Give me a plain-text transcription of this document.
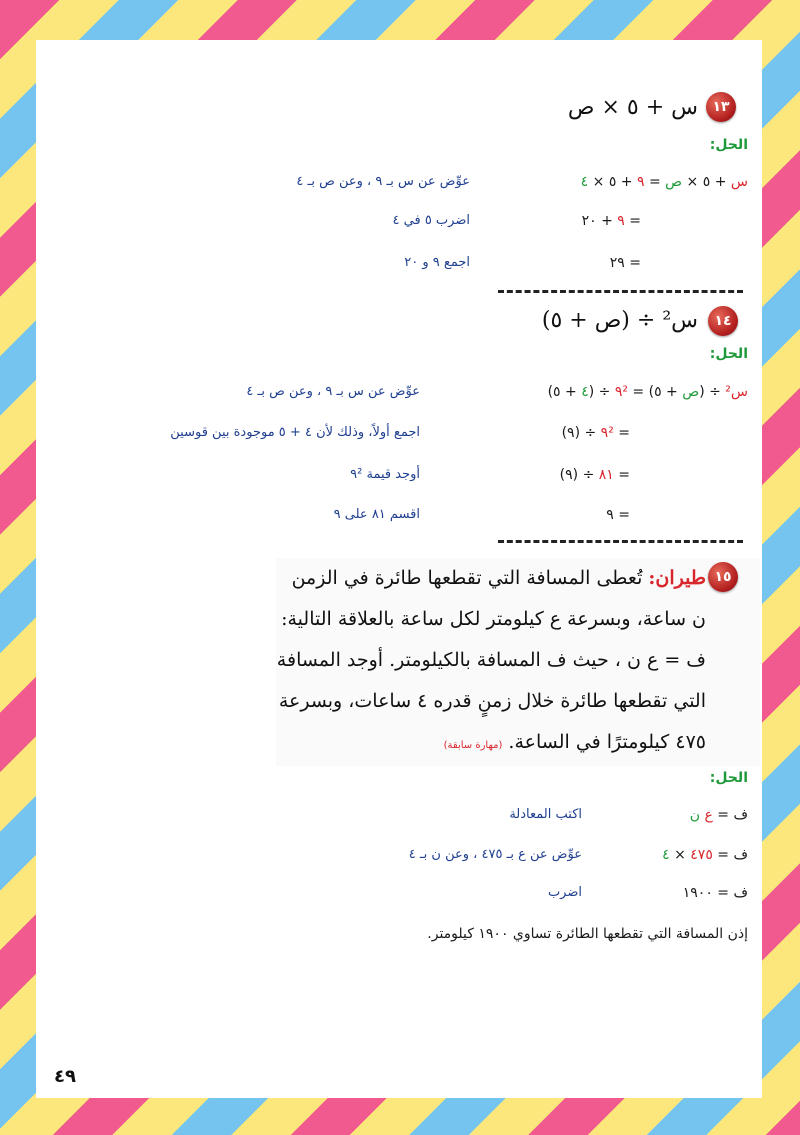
١٣
س + ٥ × ص
الحل:
س + ٥ × ص = ٩ + ٥ × ٤
عوِّض عن س بـ ٩ ، وعن ص بـ ٤
= ٩ + ٢٠
اضرب ٥ في ٤
= ٢٩
اجمع ٩ و ٢٠
١٤
س² ÷ (ص + ٥)
الحل:
س² ÷ (ص + ٥) = ٩² ÷ (٤ + ٥)
عوِّض عن س بـ ٩ ، وعن ص بـ ٤
= ٩² ÷ (٩)
اجمع أولاً، وذلك لأن ٤ + ٥ موجودة بين قوسين
= ٨١ ÷ (٩)
أوجد قيمة ٩²
= ٩
اقسم ٨١ على ٩
١٥
طيران: تُعطى المسافة التي تقطعها طائرة في الزمن
ن ساعة، وبسرعة ع كيلومتر لكل ساعة بالعلاقة التالية:
ف = ع ن ، حيث ف المسافة بالكيلومتر. أوجد المسافة
التي تقطعها طائرة خلال زمنٍ قدره ٤ ساعات، وبسرعة
٤٧٥ كيلومترًا في الساعة. (مهارة سابقة)
الحل:
ف = ع ن
اكتب المعادلة
ف = ٤٧٥ × ٤
عوِّض عن ع بـ ٤٧٥ ، وعن ن بـ ٤
ف = ١٩٠٠
اضرب
إذن المسافة التي تقطعها الطائرة تساوي ١٩٠٠ كيلومتر.
٤٩
